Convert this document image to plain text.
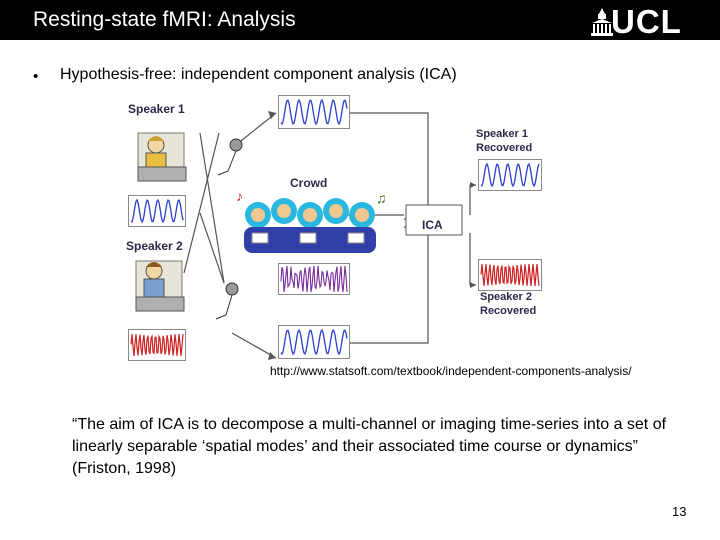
Resting-state fMRI: Analysis	UCL
• Hypothesis-free: independent component analysis (ICA)
♪	♫
Speaker 1
Speaker 2
Crowd
ICA
Speaker 1
Recovered
Speaker 2
Recovered
http://www.statsoft.com/textbook/independent-components-analysis/
“The aim of ICA is to decompose a multi-channel or imaging time-series into a set of linearly separable ‘spatial modes’ and their associated time course or dynamics” (Friston, 1998)
13
